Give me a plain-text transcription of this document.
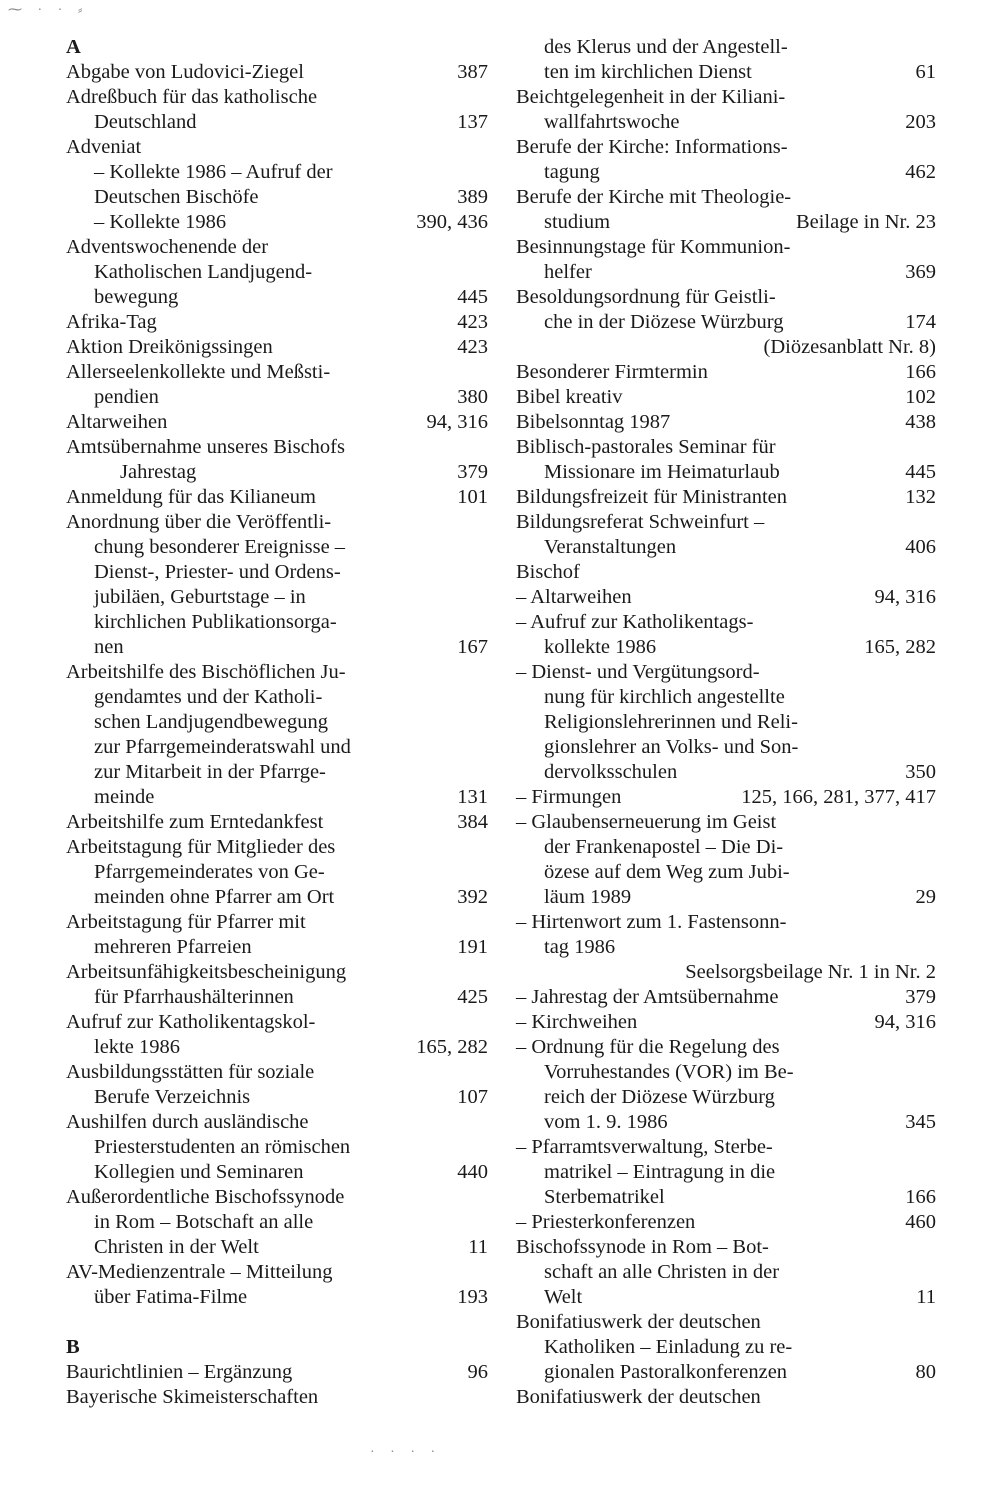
⁓ · · ⸗
· · · ·
A
Abgabe von Ludovici-Ziegel	387
Adreßbuch für das katholische
Deutschland	137
Adveniat
– Kollekte 1986 – Aufruf der
Deutschen Bischöfe	389
– Kollekte 1986	390, 436
Adventswochenende der
Katholischen Landjugend-
bewegung	445
Afrika-Tag	423
Aktion Dreikönigssingen	423
Allerseelenkollekte und Meßsti-
pendien	380
Altarweihen	94, 316
Amtsübernahme unseres Bischofs
Jahrestag	379
Anmeldung für das Kilianeum	101
Anordnung über die Veröffentli-
chung besonderer Ereignisse –
Dienst-, Priester- und Ordens-
jubiläen, Geburtstage – in
kirchlichen Publikationsorga-
nen	167
Arbeitshilfe des Bischöflichen Ju-
gendamtes und der Katholi-
schen Landjugendbewegung
zur Pfarrgemeinderatswahl und
zur Mitarbeit in der Pfarrge-
meinde	131
Arbeitshilfe zum Erntedankfest	384
Arbeitstagung für Mitglieder des
Pfarrgemeinderates von Ge-
meinden ohne Pfarrer am Ort	392
Arbeitstagung für Pfarrer mit
mehreren Pfarreien	191
Arbeitsunfähigkeitsbescheinigung
für Pfarrhaushälterinnen	425
Aufruf zur Katholikentagskol-
lekte 1986	165, 282
Ausbildungsstätten für soziale
Berufe Verzeichnis	107
Aushilfen durch ausländische
Priesterstudenten an römischen
Kollegien und Seminaren	440
Außerordentliche Bischofssynode
in Rom – Botschaft an alle
Christen in der Welt	11
AV-Medienzentrale – Mitteilung
über Fatima-Filme	193
B
Baurichtlinien – Ergänzung	96
Bayerische Skimeisterschaften
des Klerus und der Angestell-
ten im kirchlichen Dienst	61
Beichtgelegenheit in der Kiliani-
wallfahrtswoche	203
Berufe der Kirche: Informations-
tagung	462
Berufe der Kirche mit Theologie-
studium	Beilage in Nr. 23
Besinnungstage für Kommunion-
helfer	369
Besoldungsordnung für Geistli-
che in der Diözese Würzburg	174
(Diözesanblatt Nr. 8)
Besonderer Firmtermin	166
Bibel kreativ	102
Bibelsonntag 1987	438
Biblisch-pastorales Seminar für
Missionare im Heimaturlaub	445
Bildungsfreizeit für Ministranten	132
Bildungsreferat Schweinfurt –
Veranstaltungen	406
Bischof
– Altarweihen	94, 316
– Aufruf zur Katholikentags-
kollekte 1986	165, 282
– Dienst- und Vergütungsord-
nung für kirchlich angestellte
Religionslehrerinnen und Reli-
gionslehrer an Volks- und Son-
dervolksschulen	350
– Firmungen	125, 166, 281, 377, 417
– Glaubenserneuerung im Geist
der Frankenapostel – Die Di-
özese auf dem Weg zum Jubi-
läum 1989	29
– Hirtenwort zum 1. Fastensonn-
tag 1986
Seelsorgsbeilage Nr. 1 in Nr. 2
– Jahrestag der Amtsübernahme	379
– Kirchweihen	94, 316
– Ordnung für die Regelung des
Vorruhestandes (VOR) im Be-
reich der Diözese Würzburg
vom 1. 9. 1986	345
– Pfarramtsverwaltung, Sterbe-
matrikel – Eintragung in die
Sterbematrikel	166
– Priesterkonferenzen	460
Bischofssynode in Rom – Bot-
schaft an alle Christen in der
Welt	11
Bonifatiuswerk der deutschen
Katholiken – Einladung zu re-
gionalen Pastoralkonferenzen	80
Bonifatiuswerk der deutschen
